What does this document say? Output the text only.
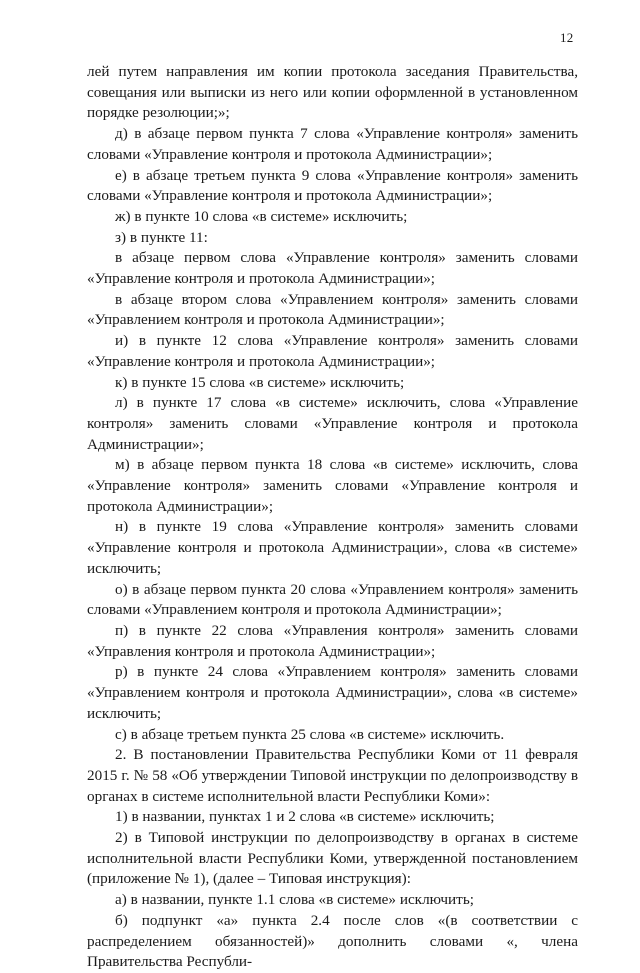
12

лей путем направления им копии протокола заседания Правительства, совещания или выписки из него или копии оформленной в установленном порядке резолюции;»;

д) в абзаце первом пункта 7 слова «Управление контроля» заменить словами «Управление контроля и протокола Администрации»;

е) в абзаце третьем пункта 9 слова «Управление контроля» заменить словами «Управление контроля и протокола Администрации»;

ж) в пункте 10 слова «в системе» исключить;

з) в пункте 11:

в абзаце первом слова «Управление контроля» заменить словами «Управление контроля и протокола Администрации»;

в абзаце втором слова «Управлением контроля» заменить словами «Управлением контроля и протокола Администрации»;

и) в пункте 12 слова «Управление контроля» заменить словами «Управление контроля и протокола Администрации»;

к) в пункте 15 слова «в системе» исключить;

л) в пункте 17 слова «в системе» исключить, слова «Управление контроля» заменить словами «Управление контроля и протокола Администрации»;

м) в абзаце первом пункта 18 слова «в системе» исключить, слова «Управление контроля» заменить словами «Управление контроля и протокола Администрации»;

н) в пункте 19 слова «Управление контроля» заменить словами «Управление контроля и протокола Администрации», слова «в системе» исключить;

о) в абзаце первом пункта 20 слова «Управлением контроля» заменить словами «Управлением контроля и протокола Администрации»;

п) в пункте 22 слова «Управления контроля» заменить словами «Управления контроля и протокола Администрации»;

р) в пункте 24 слова «Управлением контроля» заменить словами «Управлением контроля и протокола Администрации», слова «в системе» исключить;

с) в абзаце третьем пункта 25 слова «в системе» исключить.

2. В постановлении Правительства Республики Коми от 11 февраля 2015 г. № 58 «Об утверждении Типовой инструкции по делопроизводству в органах в системе исполнительной власти Республики Коми»:

1) в названии, пунктах 1 и 2 слова «в системе» исключить;

2) в Типовой инструкции по делопроизводству в органах в системе исполнительной власти Республики Коми, утвержденной постановлением (приложение № 1), (далее – Типовая инструкция):

а) в названии, пункте 1.1 слова «в системе» исключить;

б) подпункт «а» пункта 2.4 после слов «(в соответствии с распределением обязанностей)» дополнить словами «, члена Правительства Республи-
